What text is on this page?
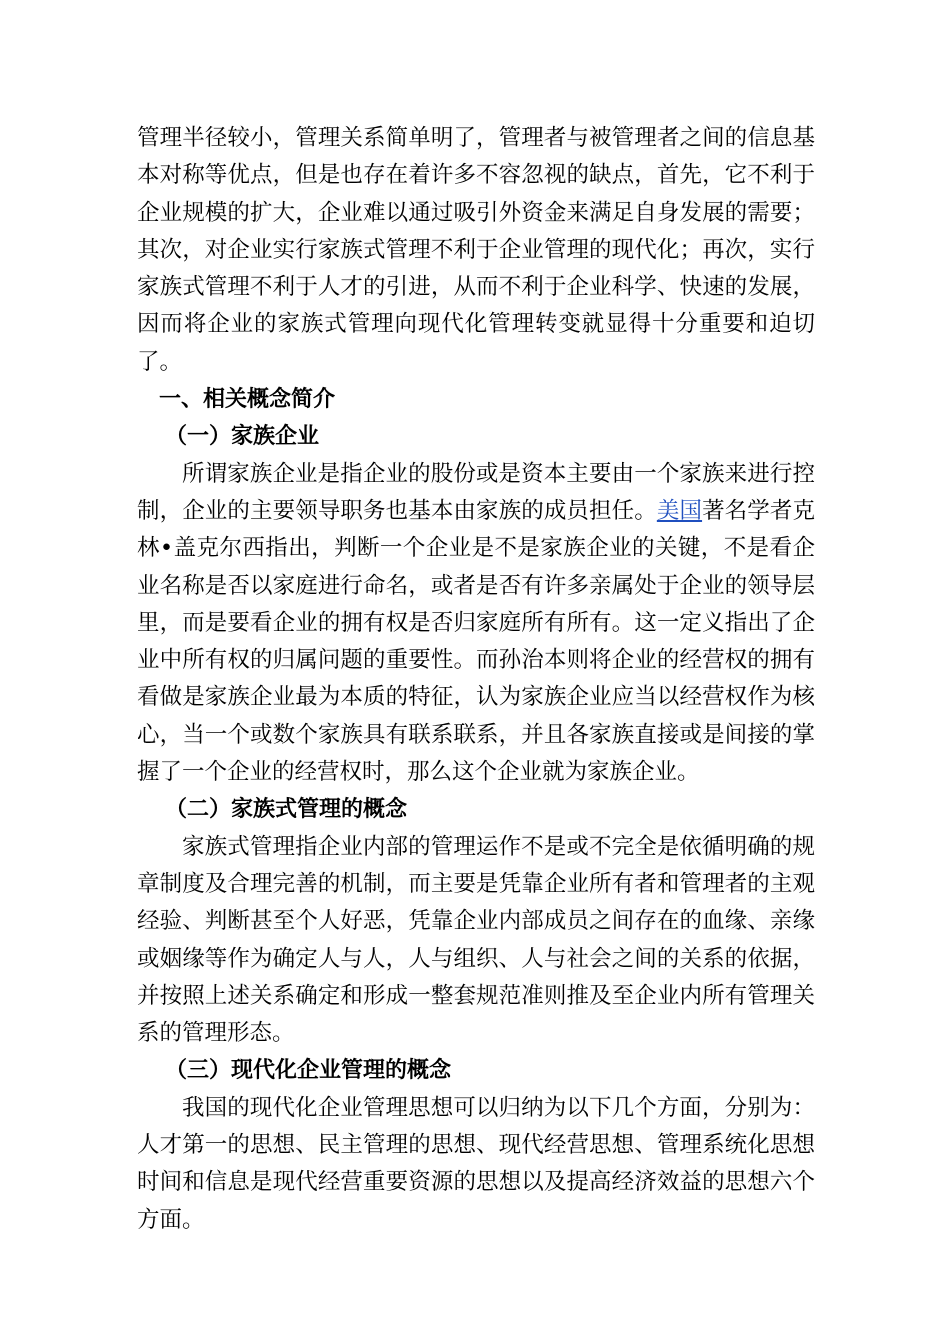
管理半径较小，管理关系简单明了，管理者与被管理者之间的信息基本对称等优点，但是也存在着许多不容忽视的缺点，首先，它不利于企业规模的扩大，企业难以通过吸引外资金来满足自身发展的需要；其次，对企业实行家族式管理不利于企业管理的现代化；再次，实行家族式管理不利于人才的引进，从而不利于企业科学、快速的发展，因而将企业的家族式管理向现代化管理转变就显得十分重要和迫切了。

一、相关概念简介

（一）家族企业

所谓家族企业是指企业的股份或是资本主要由一个家族来进行控制，企业的主要领导职务也基本由家族的成员担任。美国著名学者克林•盖克尔西指出，判断一个企业是不是家族企业的关键，不是看企业名称是否以家庭进行命名，或者是否有许多亲属处于企业的领导层里，而是要看企业的拥有权是否归家庭所有所有。这一定义指出了企业中所有权的归属问题的重要性。而孙治本则将企业的经营权的拥有看做是家族企业最为本质的特征，认为家族企业应当以经营权作为核心，当一个或数个家族具有联系联系，并且各家族直接或是间接的掌握了一个企业的经营权时，那么这个企业就为家族企业。

（二）家族式管理的概念

家族式管理指企业内部的管理运作不是或不完全是依循明确的规章制度及合理完善的机制，而主要是凭靠企业所有者和管理者的主观经验、判断甚至个人好恶，凭靠企业内部成员之间存在的血缘、亲缘或姻缘等作为确定人与人，人与组织、人与社会之间的关系的依据，并按照上述关系确定和形成一整套规范准则推及至企业内所有管理关系的管理形态。

（三）现代化企业管理的概念

我国的现代化企业管理思想可以归纳为以下几个方面，分别为：人才第一的思想、民主管理的思想、现代经营思想、管理系统化思想时间和信息是现代经营重要资源的思想以及提高经济效益的思想六个方面。
